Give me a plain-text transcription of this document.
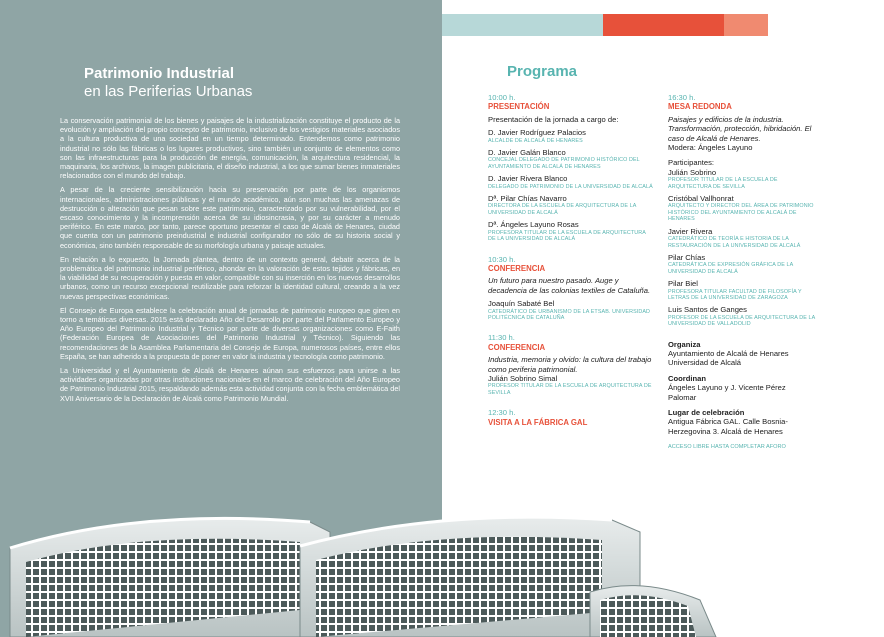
Patrimonio Industrial
en las Periferias Urbanas

La conservación patrimonial de los bienes y paisajes de la industrialización constituye el producto de la evolución y ampliación del propio concepto de patrimonio, inclusivo de los vestigios materiales asociados a la cultura productiva de una sociedad en un tiempo determinado. Entendemos como patrimonio industrial no sólo las fábricas o los lugares productivos, sino también un conjunto de elementos como son las infraestructuras para la producción de energía, comunicación, la arquitectura residencial, la maquinaria, los archivos, la imagen publicitaria, el diseño industrial, a los que sumar bienes inmateriales relacionados con el mundo del trabajo.

A pesar de la creciente sensibilización hacia su preservación por parte de los organismos internacionales, administraciones públicas y el mundo académico, aún son muchas las amenazas de destrucción o alteración que pesan sobre este patrimonio, caracterizado por su vulnerabilidad, por el escaso conocimiento y la incomprensión acerca de su idiosincrasia, y por su carácter a menudo periférico. En este marco, por tanto, parece oportuno presentar el caso de Alcalá de Henares, ciudad que cuenta con un patrimonio preindustrial e industrial configurador no sólo de su historia social y económica, sino también responsable de su morfología urbana y paisaje actuales.

En relación a lo expuesto, la Jornada plantea, dentro de un contexto general, debatir acerca de la problemática del patrimonio industrial periférico, ahondar en la valoración de estos tejidos y fábricas, en la viabilidad de su recuperación y puesta en valor, compatible con su inserción en los nuevos desarrollos urbanos, como un recurso excepcional reutilizable para reforzar la identidad cultural, creando a la vez nuevas perspectivas económicas.

El Consejo de Europa establece la celebración anual de jornadas de patrimonio europeo que giren en torno a temáticas diversas. 2015 está declarado Año del Desarrollo por parte del Parlamento Europeo y Año Europeo del Patrimonio Industrial y Técnico por parte de diversas organizaciones como E-Faith (Federación Europea de Asociaciones del Patrimonio Industrial y Técnico). Siguiendo las recomendaciones de la Asamblea Parlamentaria del Consejo de Europa, numerosos países, entre ellos España, se han adherido a la propuesta de poner en valor la industria y tecnología como patrimonio.

La Universidad y el Ayuntamiento de Alcalá de Henares aúnan sus esfuerzos para unirse a las actividades organizadas por otras instituciones nacionales en el marco de celebración del Año Europeo de Patrimonio Industrial 2015, respaldando además esta actividad conjunta con la fecha emblemática del XVII Aniversario de la Declaración de Alcalá como Patrimonio Mundial.

Programa
10:00 h.
PRESENTACIÓN
Presentación de la jornada a cargo de:
D. Javier Rodríguez Palacios
ALCALDE DE ALCALÁ DE HENARES
D. Javier Galán Blanco
CONCEJAL DELEGADO DE PATRIMONIO HISTÓRICO DEL AYUNTAMIENTO DE ALCALÁ DE HENARES
D. Javier Rivera Blanco
DELEGADO DE PATRIMONIO DE LA UNIVERSIDAD DE ALCALÁ
Dª. Pilar Chías Navarro
DIRECTORA DE LA ESCUELA DE ARQUITECTURA DE LA UNIVERSIDAD DE ALCALÁ
Dª. Ángeles Layuno Rosas
PROFESORA TITULAR DE LA ESCUELA DE ARQUITECTURA DE LA UNIVERSIDAD DE ALCALÁ
10:30 h.
CONFERENCIA
Un futuro para nuestro pasado. Auge y decadencia de las colonias textiles de Cataluña.
Joaquín Sabaté Bel
CATEDRÁTICO DE URBANISMO DE LA ETSAB. UNIVERSIDAD POLITÉCNICA DE CATALUÑA
11:30 h.
CONFERENCIA
Industria, memoria y olvido: la cultura del trabajo como periferia patrimonial.
Julián Sobrino Simal
PROFESOR TITULAR DE LA ESCUELA DE ARQUITECTURA DE SEVILLA
12:30 h.
VISITA A LA FÁBRICA GAL
16:30 h.
MESA REDONDA
Paisajes y edificios de la industria. Transformación, protección, hibridación. El caso de Alcalá de Henares.
Modera: Ángeles Layuno
Participantes:
Julián Sobrino
PROFESOR TITULAR DE LA ESCUELA DE ARQUITECTURA DE SEVILLA
Cristóbal Vallhonrat
ARQUITECTO Y DIRECTOR DEL ÁREA DE PATRIMONIO HISTÓRICO DEL AYUNTAMIENTO DE ALCALÁ DE HENARES
Javier Rivera
CATEDRÁTICO DE TEORÍA E HISTORIA DE LA RESTAURACIÓN DE LA UNIVERSIDAD DE ALCALÁ
Pilar Chías
CATEDRÁTICA DE EXPRESIÓN GRÁFICA DE LA UNIVERSIDAD DE ALCALÁ
Pilar Biel
PROFESORA TITULAR FACULTAD DE FILOSOFÍA Y LETRAS DE LA UNIVERSIDAD DE ZARAGOZA
Luis Santos de Ganges
PROFESOR DE LA ESCUELA DE ARQUITECTURA DE LA UNIVERSIDAD DE VALLADOLID
Organiza
Ayuntamiento de Alcalá de Henares
Universidad de Alcalá
Coordinan
Ángeles Layuno y J. Vicente Pérez
Palomar
Lugar de celebración
Antigua Fábrica GAL. Calle Bosnia-
Herzegovina 3. Alcalá de Henares
ACCESO LIBRE HASTA COMPLETAR AFORO
